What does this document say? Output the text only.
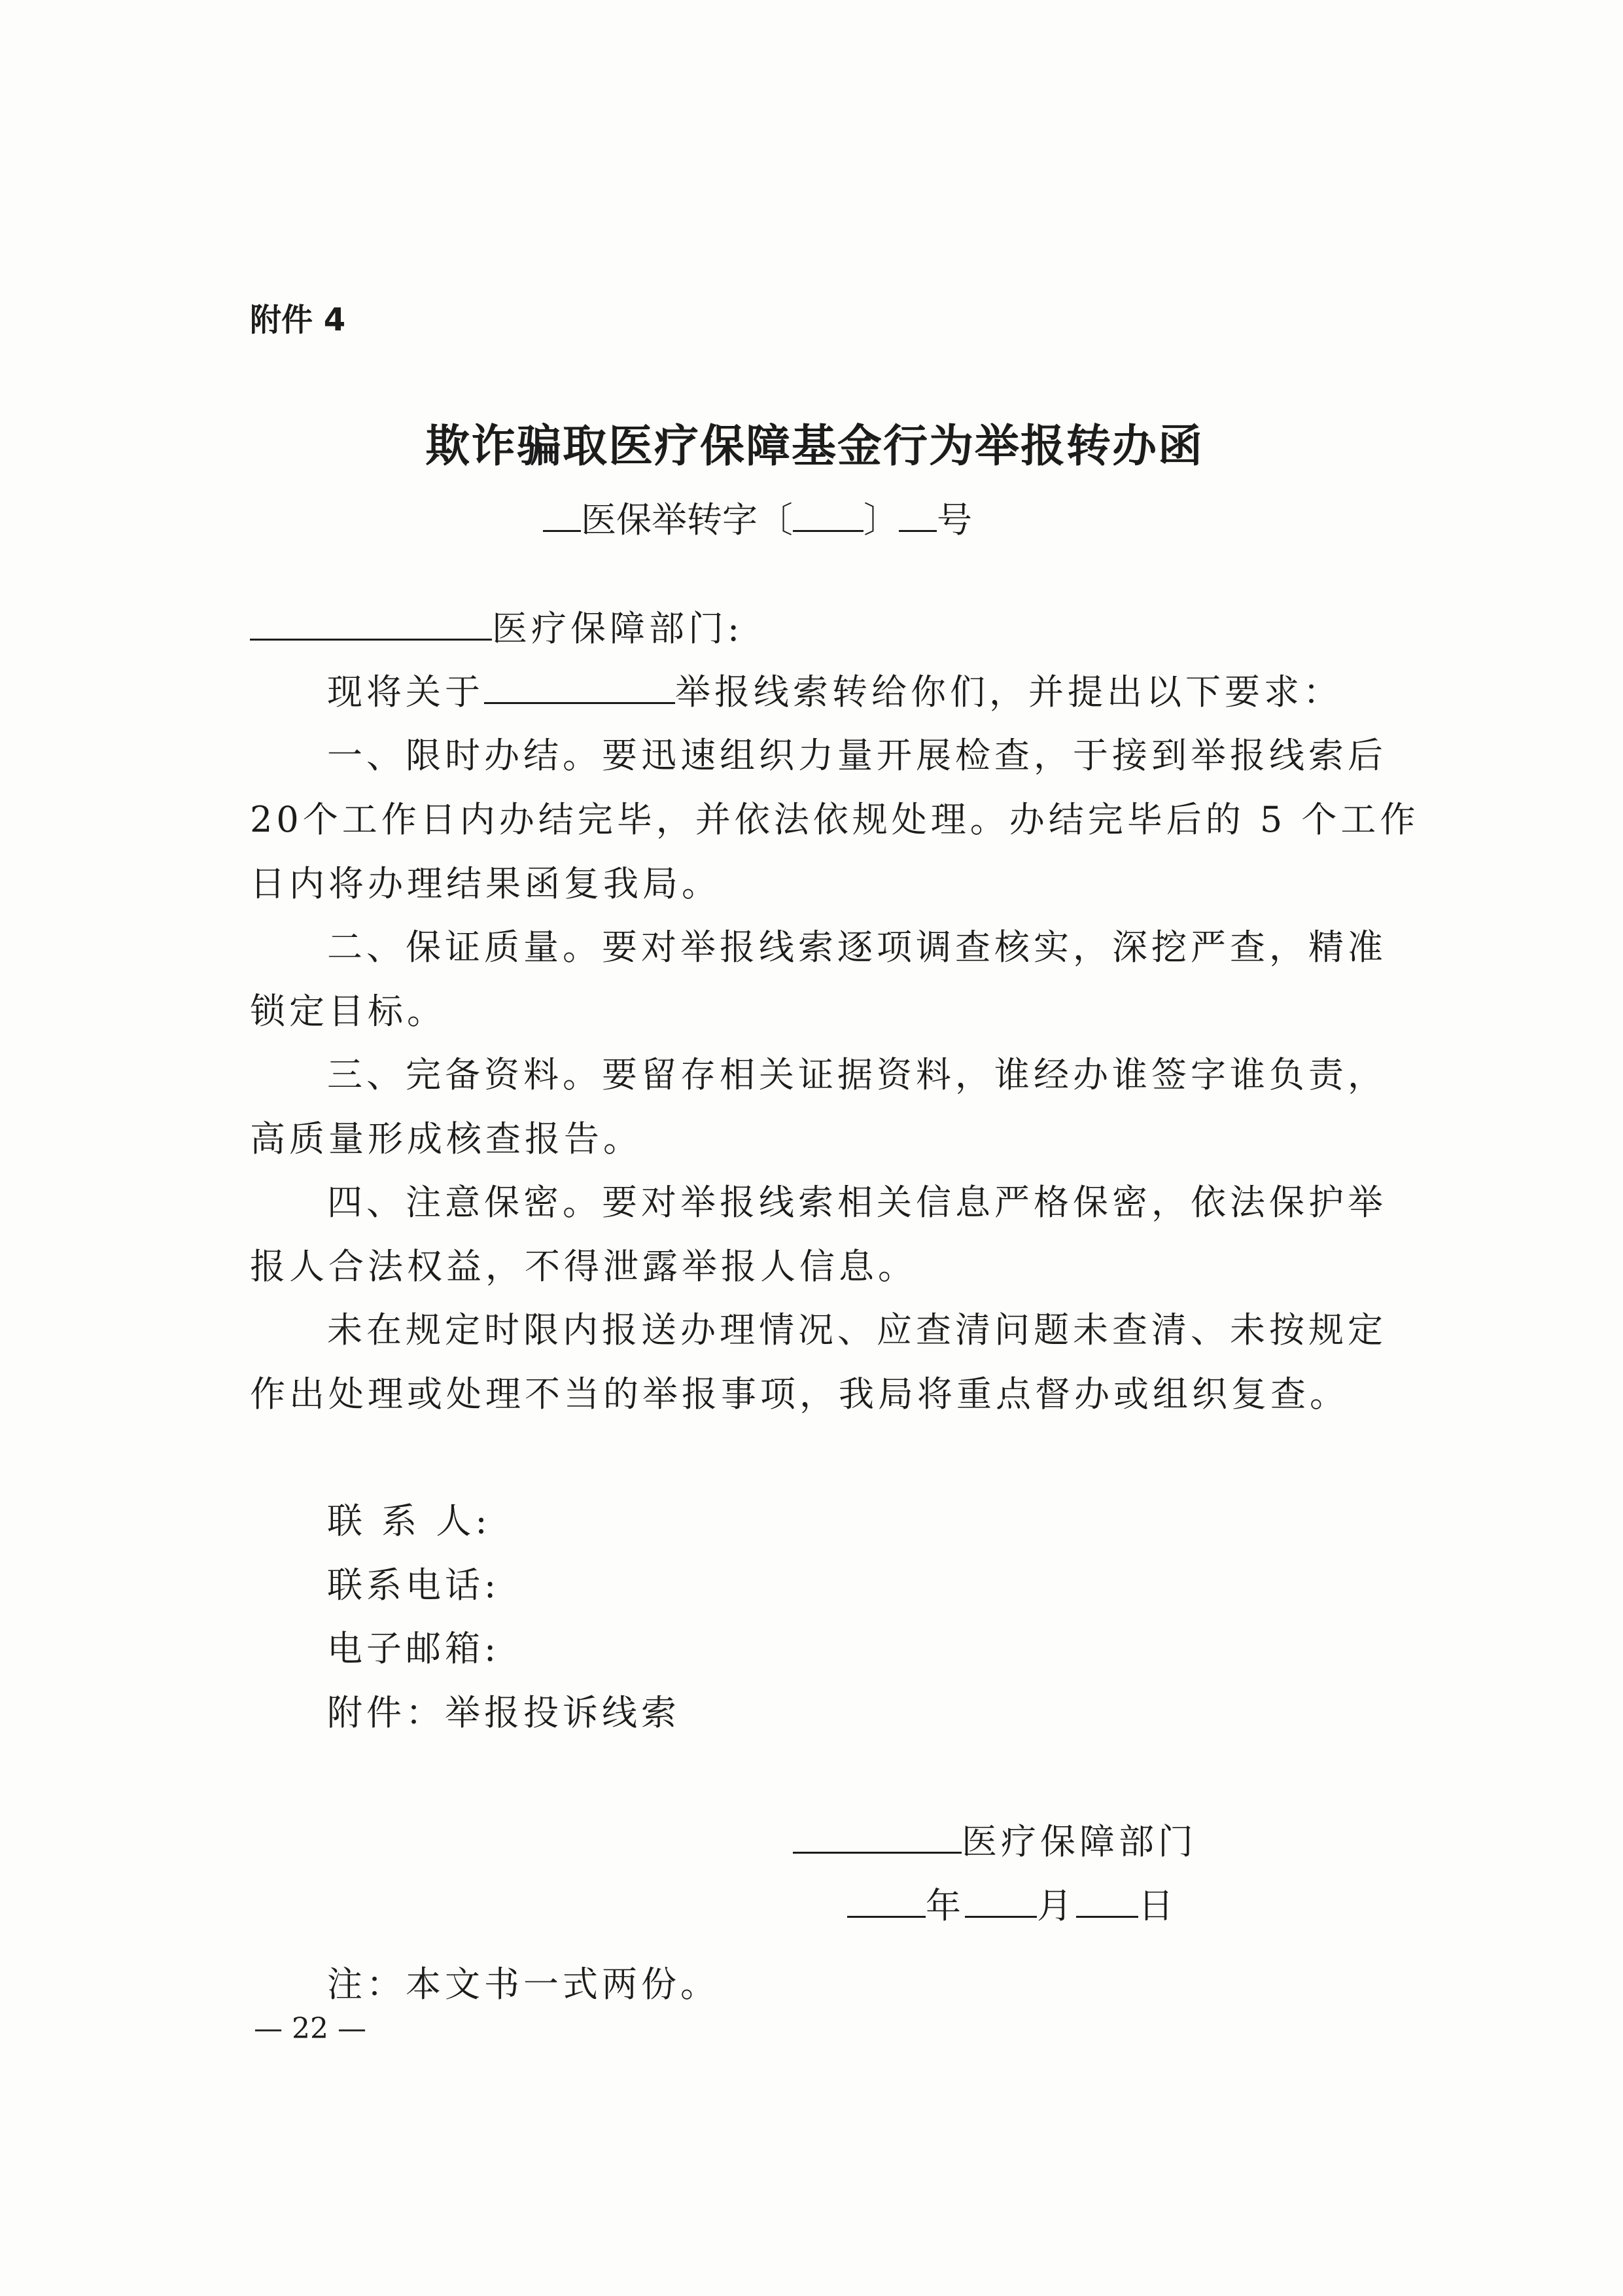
附件 4
欺诈骗取医疗保障基金行为举报转办函
医保举转字〔 〕 号
医疗保障部门:
现将关于	举报线索转给你们，并提出以下要求：
一、限时办结。要迅速组织力量开展检查，于接到举报线索后
20个工作日内办结完毕，并依法依规处理。办结完毕后的 5 个工作
日内将办理结果函复我局。
二、保证质量。要对举报线索逐项调查核实，深挖严查，精准
锁定目标。
三、完备资料。要留存相关证据资料，谁经办谁签字谁负责，
高质量形成核查报告。
四、注意保密。要对举报线索相关信息严格保密，依法保护举
报人合法权益，不得泄露举报人信息。
未在规定时限内报送办理情况、应查清问题未查清、未按规定
作出处理或处理不当的举报事项，我局将重点督办或组织复查。
联 系 人:
联系电话:
电子邮箱:
附件：举报投诉线索
医疗保障部门
年 月 日
注：本文书一式两份。
— 22 —
